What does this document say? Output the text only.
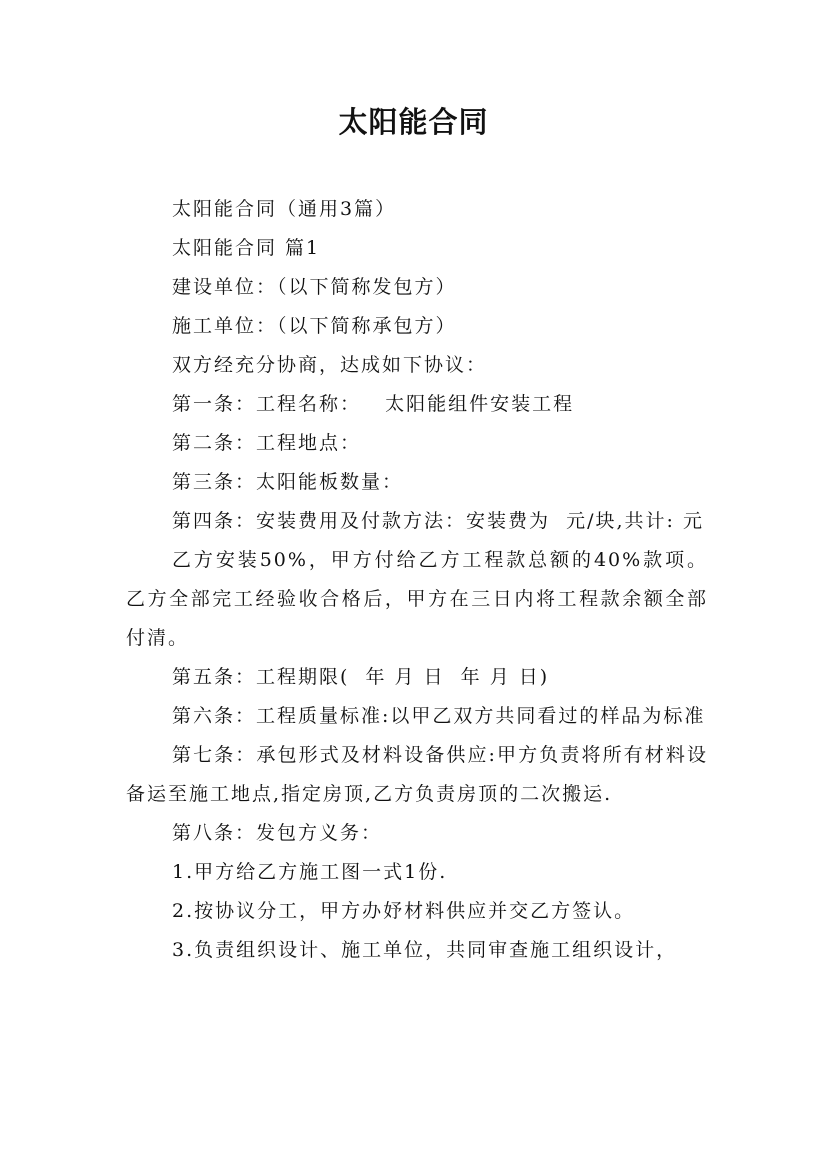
太阳能合同

太阳能合同（通用3篇）

太阳能合同 篇1

建设单位：（以下简称发包方）

施工单位：（以下简称承包方）

双方经充分协商，达成如下协议：

第一条：工程名称：   太阳能组件安装工程

第二条：工程地点：

第三条：太阳能板数量：

第四条：安装费用及付款方法：安装费为  元/块,共计: 元

乙方安装50%，甲方付给乙方工程款总额的40%款项。乙方全部完工经验收合格后，甲方在三日内将工程款余额全部付清。

第五条：工程期限(  年 月 日  年 月 日)

第六条：工程质量标准:以甲乙双方共同看过的样品为标准

第七条：承包形式及材料设备供应:甲方负责将所有材料设备运至施工地点,指定房顶,乙方负责房顶的二次搬运.

第八条：发包方义务：

1.甲方给乙方施工图一式1份.

2.按协议分工，甲方办妤材料供应并交乙方签认。

3.负责组织设计、施工单位，共同审查施工组织设计，
